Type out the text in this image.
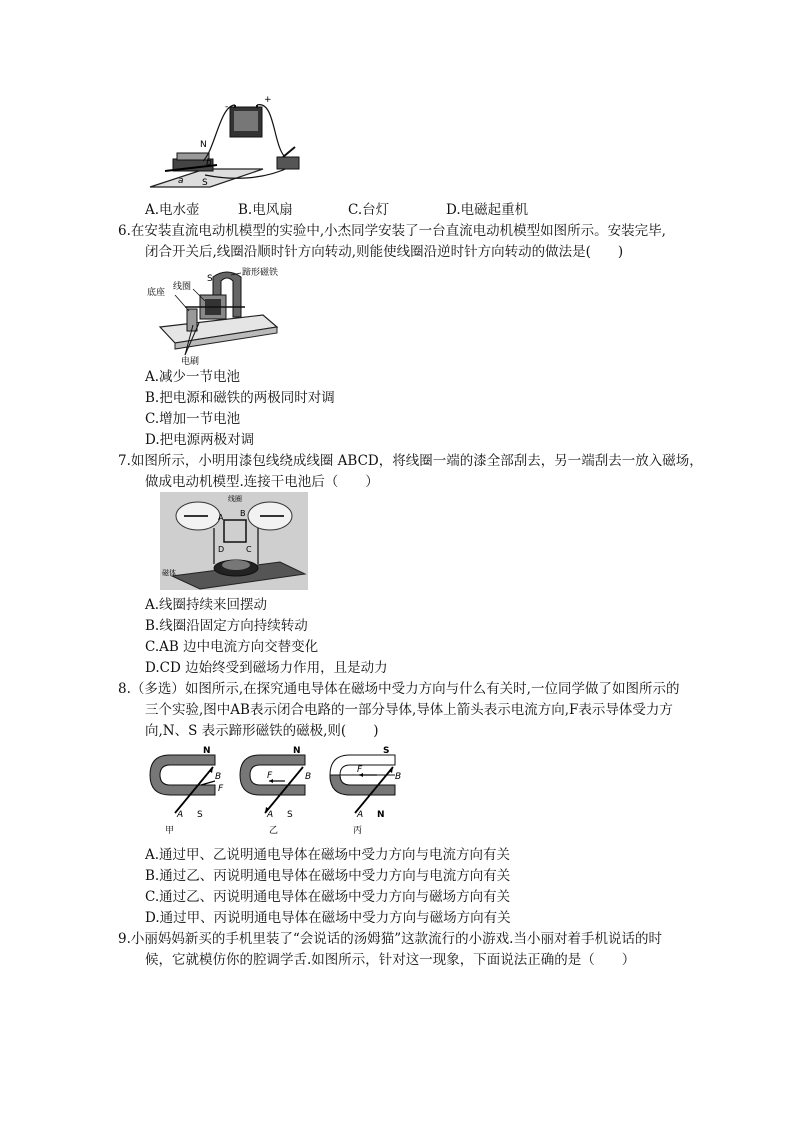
N
S
a
b
+
-
A.电水壶	B.电风扇	C.台灯	D.电磁起重机
6.在安装直流电动机模型的实验中,小杰同学安装了一台直流电动机模型如图所示。安装完毕,
闭合开关后,线圈沿顺时针方向转动,则能使线圈沿逆时针方向转动的做法是(　　)
蹄形磁铁
S
线圈
底座
电刷
A.减少一节电池
B.把电源和磁铁的两极同时对调
C.增加一节电池
D.把电源两极对调
7.如图所示，小明用漆包线绕成线圈 ABCD，将线圈一端的漆全部刮去，另一端刮去一放入磁场，
做成电动机模型.连接干电池后（　　）
线圈
A B
C
D
磁体
A.线圈持续来回摆动
B.线圈沿固定方向持续转动
C.AB 边中电流方向交替变化
D.CD 边始终受到磁场力作用，且是动力
8.（多选）如图所示,在探究通电导体在磁场中受力方向与什么有关时,一位同学做了如图所示的
三个实验,图中AB表示闭合电路的一部分导体,导体上箭头表示电流方向,F表示导体受力方
向,N、S 表示蹄形磁铁的磁极,则(　　)
N
S
A
B
F
甲
N
S
A
B
F
乙
S
N
A
B
F
丙
A.通过甲、乙说明通电导体在磁场中受力方向与电流方向有关
B.通过乙、丙说明通电导体在磁场中受力方向与电流方向有关
C.通过乙、丙说明通电导体在磁场中受力方向与磁场方向有关
D.通过甲、丙说明通电导体在磁场中受力方向与磁场方向有关
9.小丽妈妈新买的手机里装了“会说话的汤姆猫”这款流行的小游戏.当小丽对着手机说话的时
候，它就模仿你的腔调学舌.如图所示，针对这一现象，下面说法正确的是（　　）
